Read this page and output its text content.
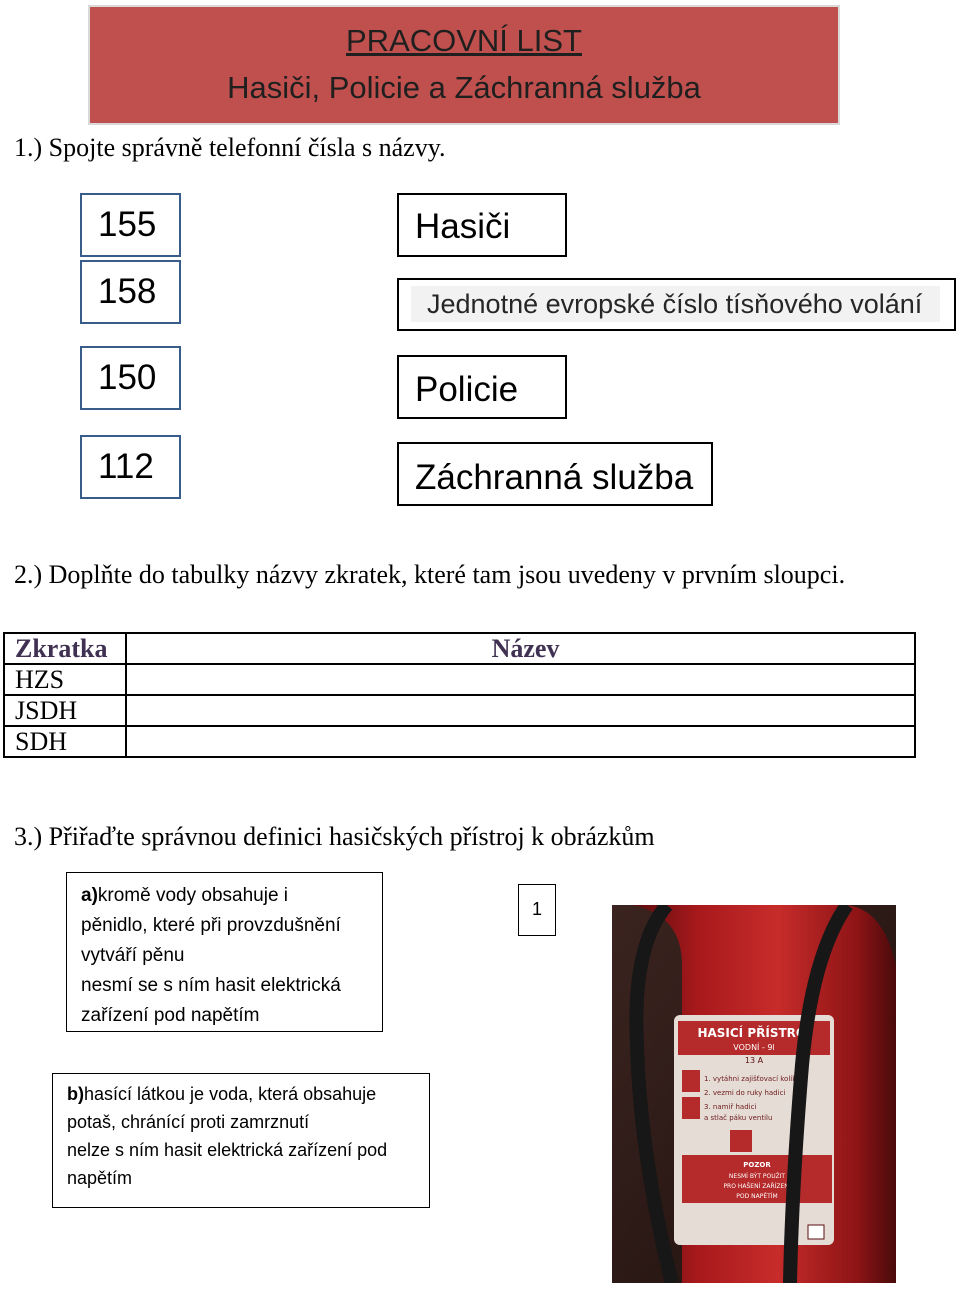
PRACOVNÍ LIST
Hasiči, Policie a Záchranná služba
1.) Spojte správně telefonní čísla s názvy.
155
158
150
112
Hasiči
Jednotné evropské číslo tísňového volání
Policie
Záchranná služba
2.) Doplňte do tabulky názvy zkratek, které tam jsou uvedeny v prvním sloupci.
Zkratka	Název
HZS	
JSDH	
SDH	
3.) Přiřaďte správnou definici hasičských přístroj k obrázkům
a)kromě vody obsahuje i
pěnidlo, které při provzdušnění
vytváří pěnu
nesmí se s ním hasit elektrická
zařízení pod napětím
1
b)hasící látkou je voda, která obsahuje
potaš, chránící proti zamrznutí
nelze s ním hasit elektrická zařízení pod
napětím
HASICÍ PŘÍSTROJ
VODNÍ - 9l
13 A
1. vytáhni zajišťovací kolík
2. vezmi do ruky hadici
3. namiř hadici
a stlač páku ventilu
POZOR
NESMÍ BÝT POUŽIT
PRO HAŠENÍ ZAŘÍZENÍ
POD NAPĚTÍM
